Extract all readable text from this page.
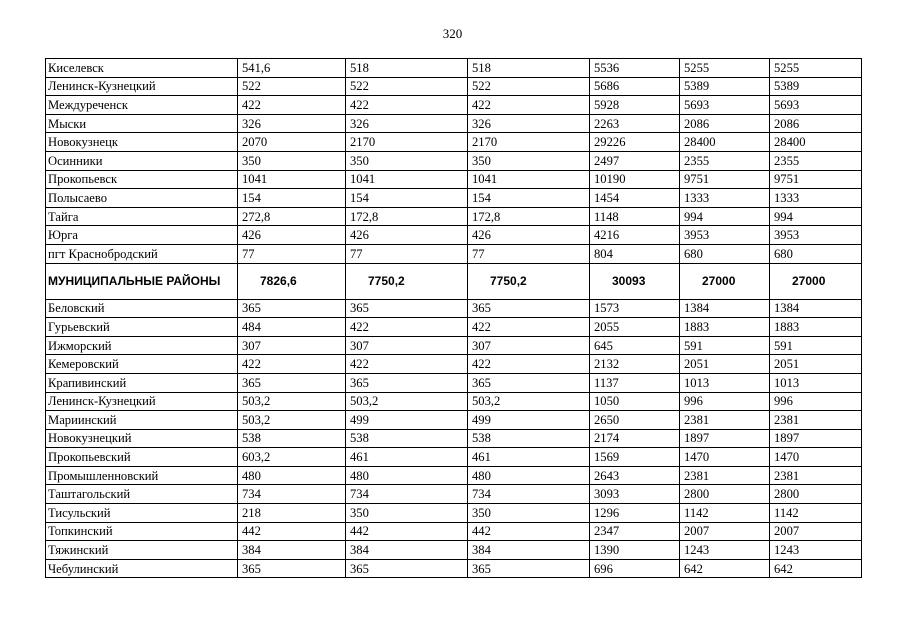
320
Киселевск	541,6	518	518	5536	5255	5255
Ленинск-Кузнецкий	522	522	522	5686	5389	5389
Междуреченск	422	422	422	5928	5693	5693
Мыски	326	326	326	2263	2086	2086
Новокузнецк	2070	2170	2170	29226	28400	28400
Осинники	350	350	350	2497	2355	2355
Прокопьевск	1041	1041	1041	10190	9751	9751
Полысаево	154	154	154	1454	1333	1333
Тайга	272,8	172,8	172,8	1148	994	994
Юрга	426	426	426	4216	3953	3953
пгт Краснобродский	77	77	77	804	680	680
МУНИЦИПАЛЬНЫЕ РАЙОНЫ	7826,6	7750,2	7750,2	30093	27000	27000
Беловский	365	365	365	1573	1384	1384
Гурьевский	484	422	422	2055	1883	1883
Ижморский	307	307	307	645	591	591
Кемеровский	422	422	422	2132	2051	2051
Крапивинский	365	365	365	1137	1013	1013
Ленинск-Кузнецкий	503,2	503,2	503,2	1050	996	996
Мариинский	503,2	499	499	2650	2381	2381
Новокузнецкий	538	538	538	2174	1897	1897
Прокопьевский	603,2	461	461	1569	1470	1470
Промышленновский	480	480	480	2643	2381	2381
Таштагольский	734	734	734	3093	2800	2800
Тисульский	218	350	350	1296	1142	1142
Топкинский	442	442	442	2347	2007	2007
Тяжинский	384	384	384	1390	1243	1243
Чебулинский	365	365	365	696	642	642
